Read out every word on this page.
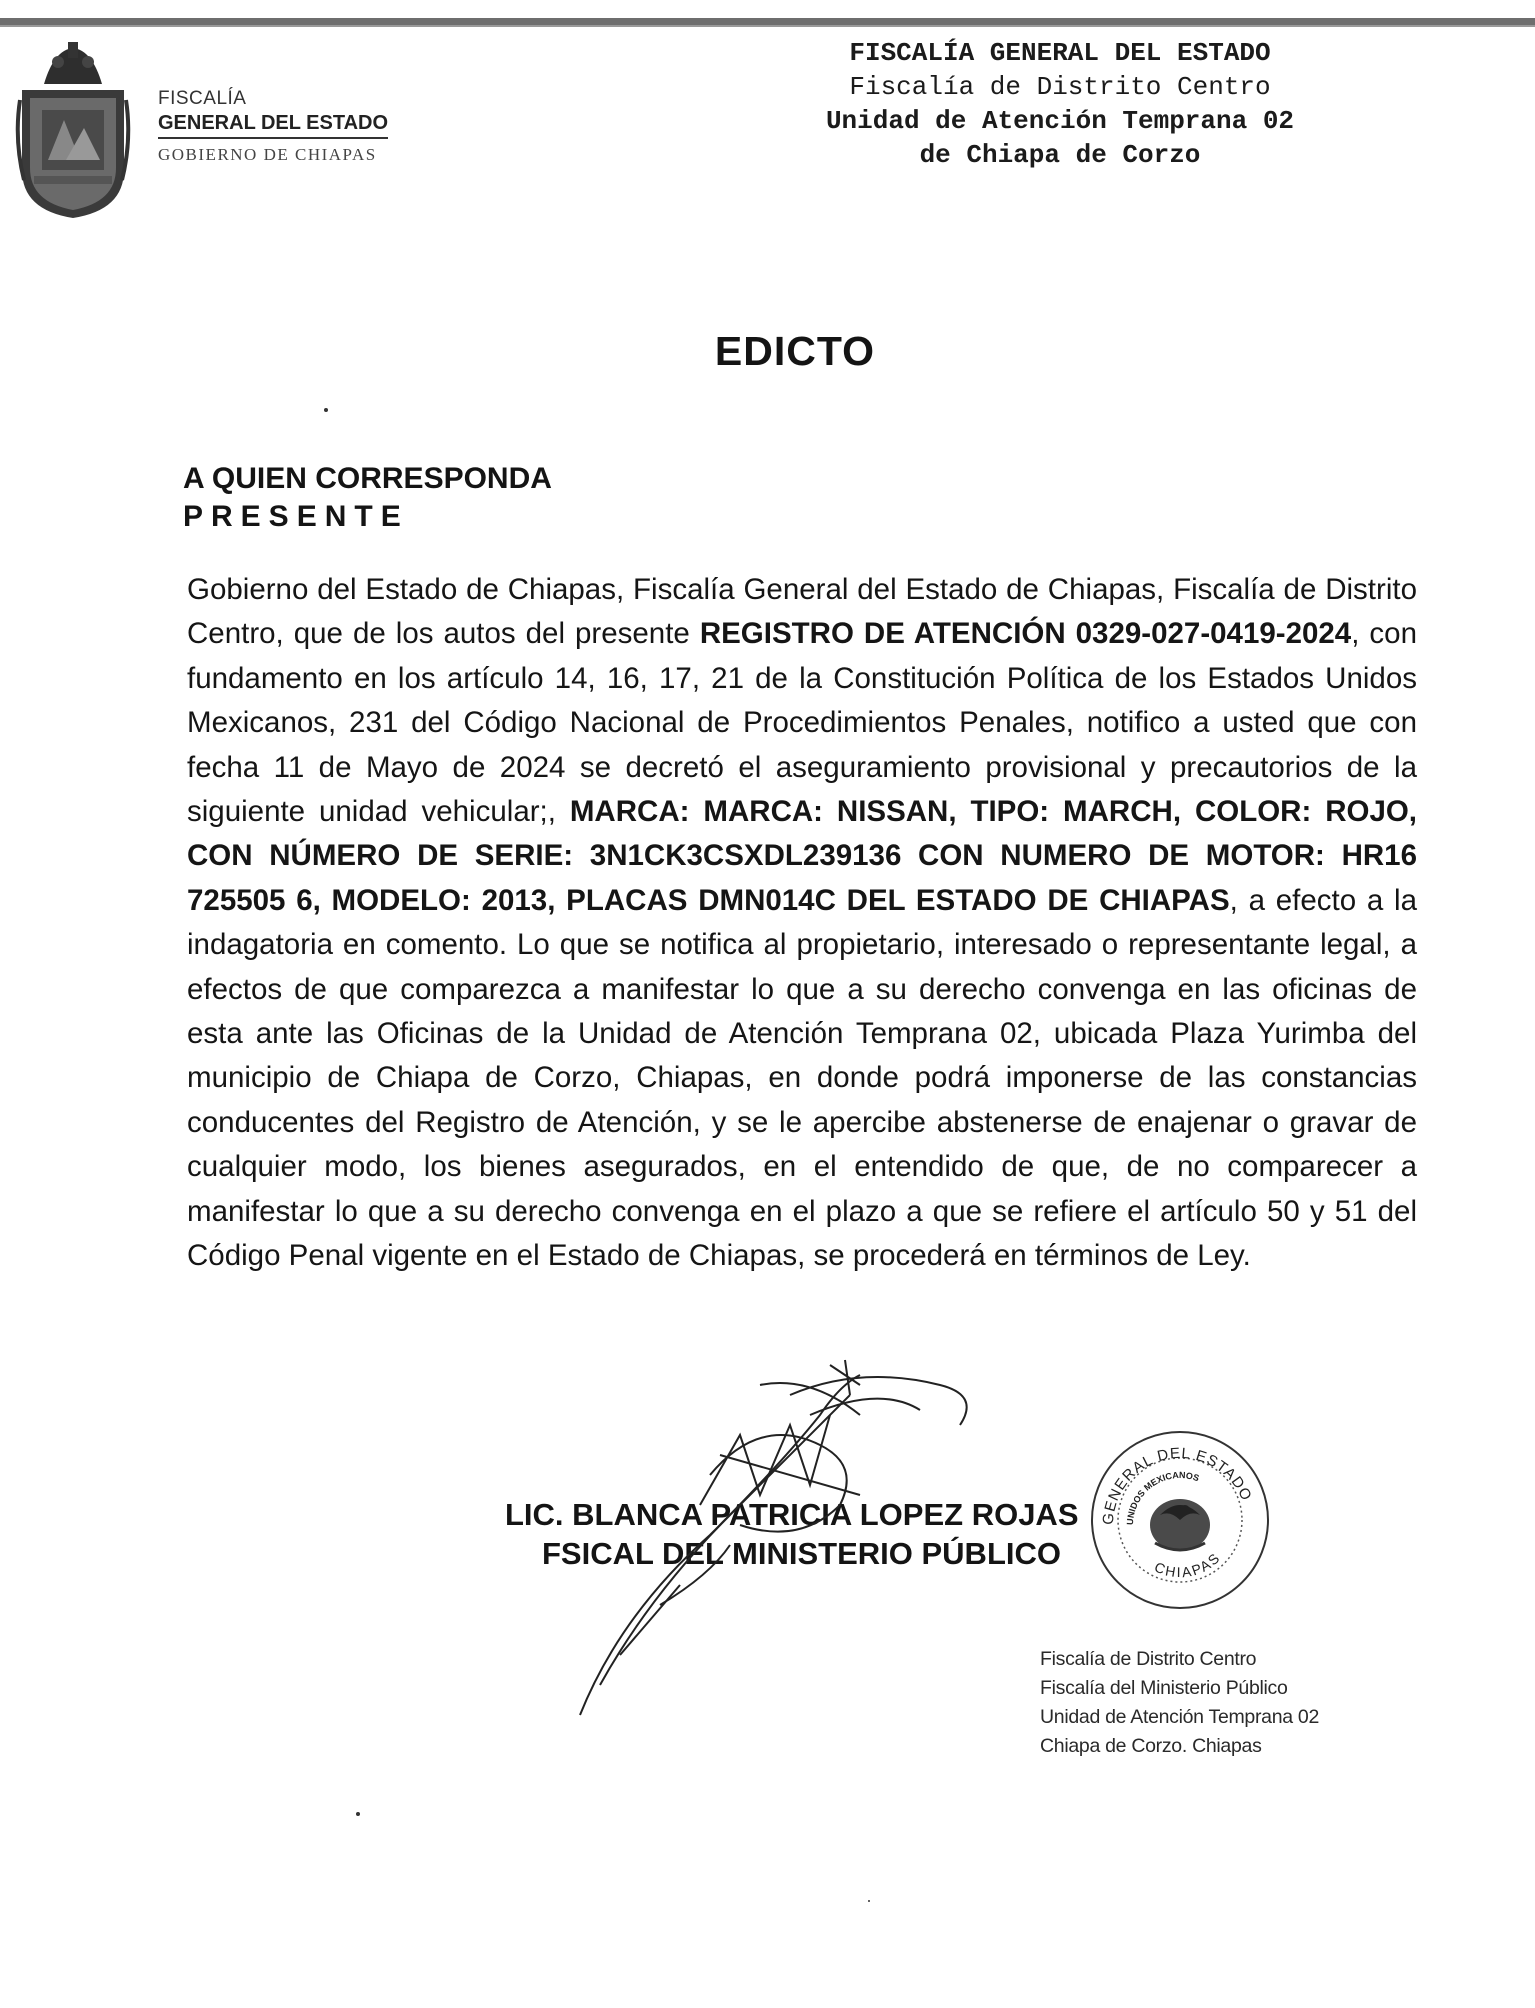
FISCALÍA
GENERAL DEL ESTADO
GOBIERNO DE CHIAPAS
FISCALÍA GENERAL DEL ESTADO
Fiscalía de Distrito Centro
Unidad de Atención Temprana 02
de Chiapa de Corzo
EDICTO
A QUIEN CORRESPONDA
PRESENTE
Gobierno del Estado de Chiapas, Fiscalía General del Estado de Chiapas, Fiscalía de Distrito Centro, que de los autos del presente REGISTRO DE ATENCIÓN 0329-027-0419-2024, con fundamento en los artículo 14, 16, 17, 21 de la Constitución Política de los Estados Unidos Mexicanos, 231 del Código Nacional de Procedimientos Penales, notifico a usted que con fecha 11 de Mayo de 2024 se decretó el aseguramiento provisional y precautorios de la siguiente unidad vehicular;, MARCA: MARCA: NISSAN, TIPO: MARCH, COLOR: ROJO, CON NÚMERO DE SERIE: 3N1CK3CSXDL239136 CON NUMERO DE MOTOR: HR16 725505 6, MODELO: 2013, PLACAS DMN014C DEL ESTADO DE CHIAPAS, a efecto a la indagatoria en comento. Lo que se notifica al propietario, interesado o representante legal, a efectos de que comparezca a manifestar lo que a su derecho convenga en las oficinas de esta ante las Oficinas de la Unidad de Atención Temprana 02, ubicada Plaza Yurimba del municipio de Chiapa de Corzo, Chiapas, en donde podrá imponerse de las constancias conducentes del Registro de Atención, y se le apercibe abstenerse de enajenar o gravar de cualquier modo, los bienes asegurados, en el entendido de que, de no comparecer a manifestar lo que a su derecho convenga en el plazo a que se refiere el artículo 50 y 51 del Código Penal vigente en el Estado de Chiapas, se procederá en términos de Ley.
LIC. BLANCA PATRICIA LOPEZ ROJAS
FSICAL DEL MINISTERIO PÚBLICO
GENERAL DEL ESTADO
UNIDOS MEXICANOS
CHIAPAS
Fiscalía de Distrito Centro
Fiscalía del Ministerio Público
Unidad de Atención Temprana 02
Chiapa de Corzo. Chiapas
